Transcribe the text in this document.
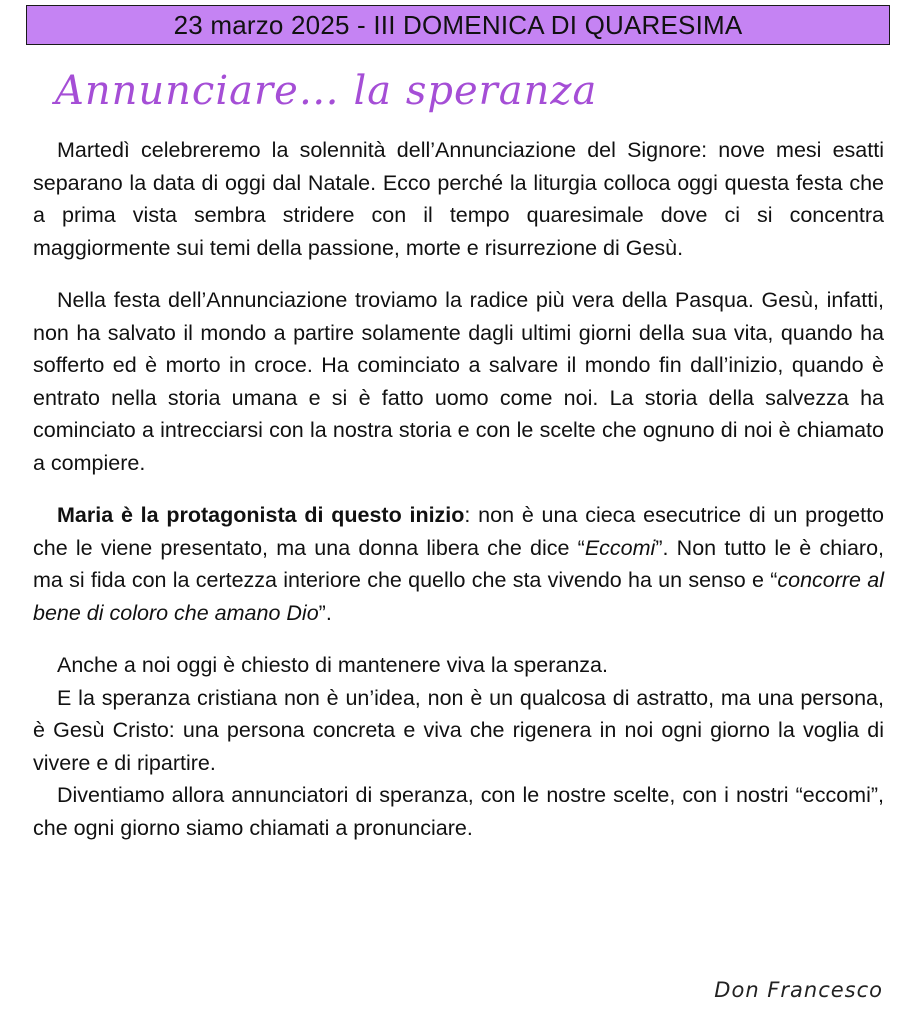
23 marzo 2025 - III DOMENICA DI QUARESIMA
Annunciare… la speranza

Martedì celebreremo la solennità dell’Annunciazione del Signore: nove mesi esatti separano la data di oggi dal Natale. Ecco perché la liturgia colloca oggi questa festa che a prima vista sembra stridere con il tempo quaresimale dove ci si concentra maggiormente sui temi della passione, morte e risurrezione di Gesù.

Nella festa dell’Annunciazione troviamo la radice più vera della Pasqua. Gesù, infatti, non ha salvato il mondo a partire solamente dagli ultimi giorni della sua vita, quando ha sofferto ed è morto in croce. Ha cominciato a salvare il mondo fin dall’inizio, quando è entrato nella storia umana e si è fatto uomo come noi. La storia della salvezza ha cominciato a intrecciarsi con la nostra storia e con le scelte che ognuno di noi è chiamato a compiere.

Maria è la protagonista di questo inizio: non è una cieca esecutrice di un progetto che le viene presentato, ma una donna libera che dice “Eccomi”. Non tutto le è chiaro, ma si fida con la certezza interiore che quello che sta vivendo ha un senso e “concorre al bene di coloro che amano Dio”.

Anche a noi oggi è chiesto di mantenere viva la speranza.

E la speranza cristiana non è un’idea, non è un qualcosa di astratto, ma una persona, è Gesù Cristo: una persona concreta e viva che rigenera in noi ogni giorno la voglia di vivere e di ripartire.

Diventiamo allora annunciatori di speranza, con le nostre scelte, con i nostri “eccomi”, che ogni giorno siamo chiamati a pronunciare.

Don Francesco
